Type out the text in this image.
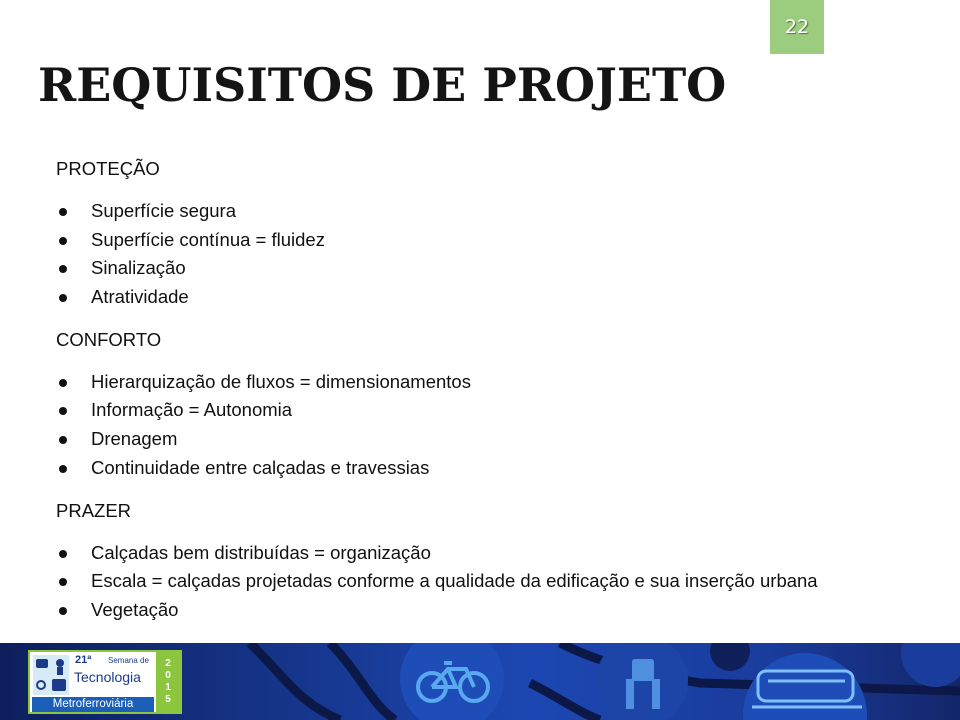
22
REQUISITOS DE PROJETO
PROTEÇÃO
Superfície segura
Superfície contínua = fluidez
Sinalização
Atratividade
CONFORTO
Hierarquização de fluxos = dimensionamentos
Informação = Autonomia
Drenagem
Continuidade entre calçadas e travessias
PRAZER
Calçadas bem distribuídas = organização
Escala = calçadas projetadas conforme a qualidade da edificação e sua inserção urbana
Vegetação
21ª Semana de
Tecnologia
Metroferroviária
2
0
1
5
